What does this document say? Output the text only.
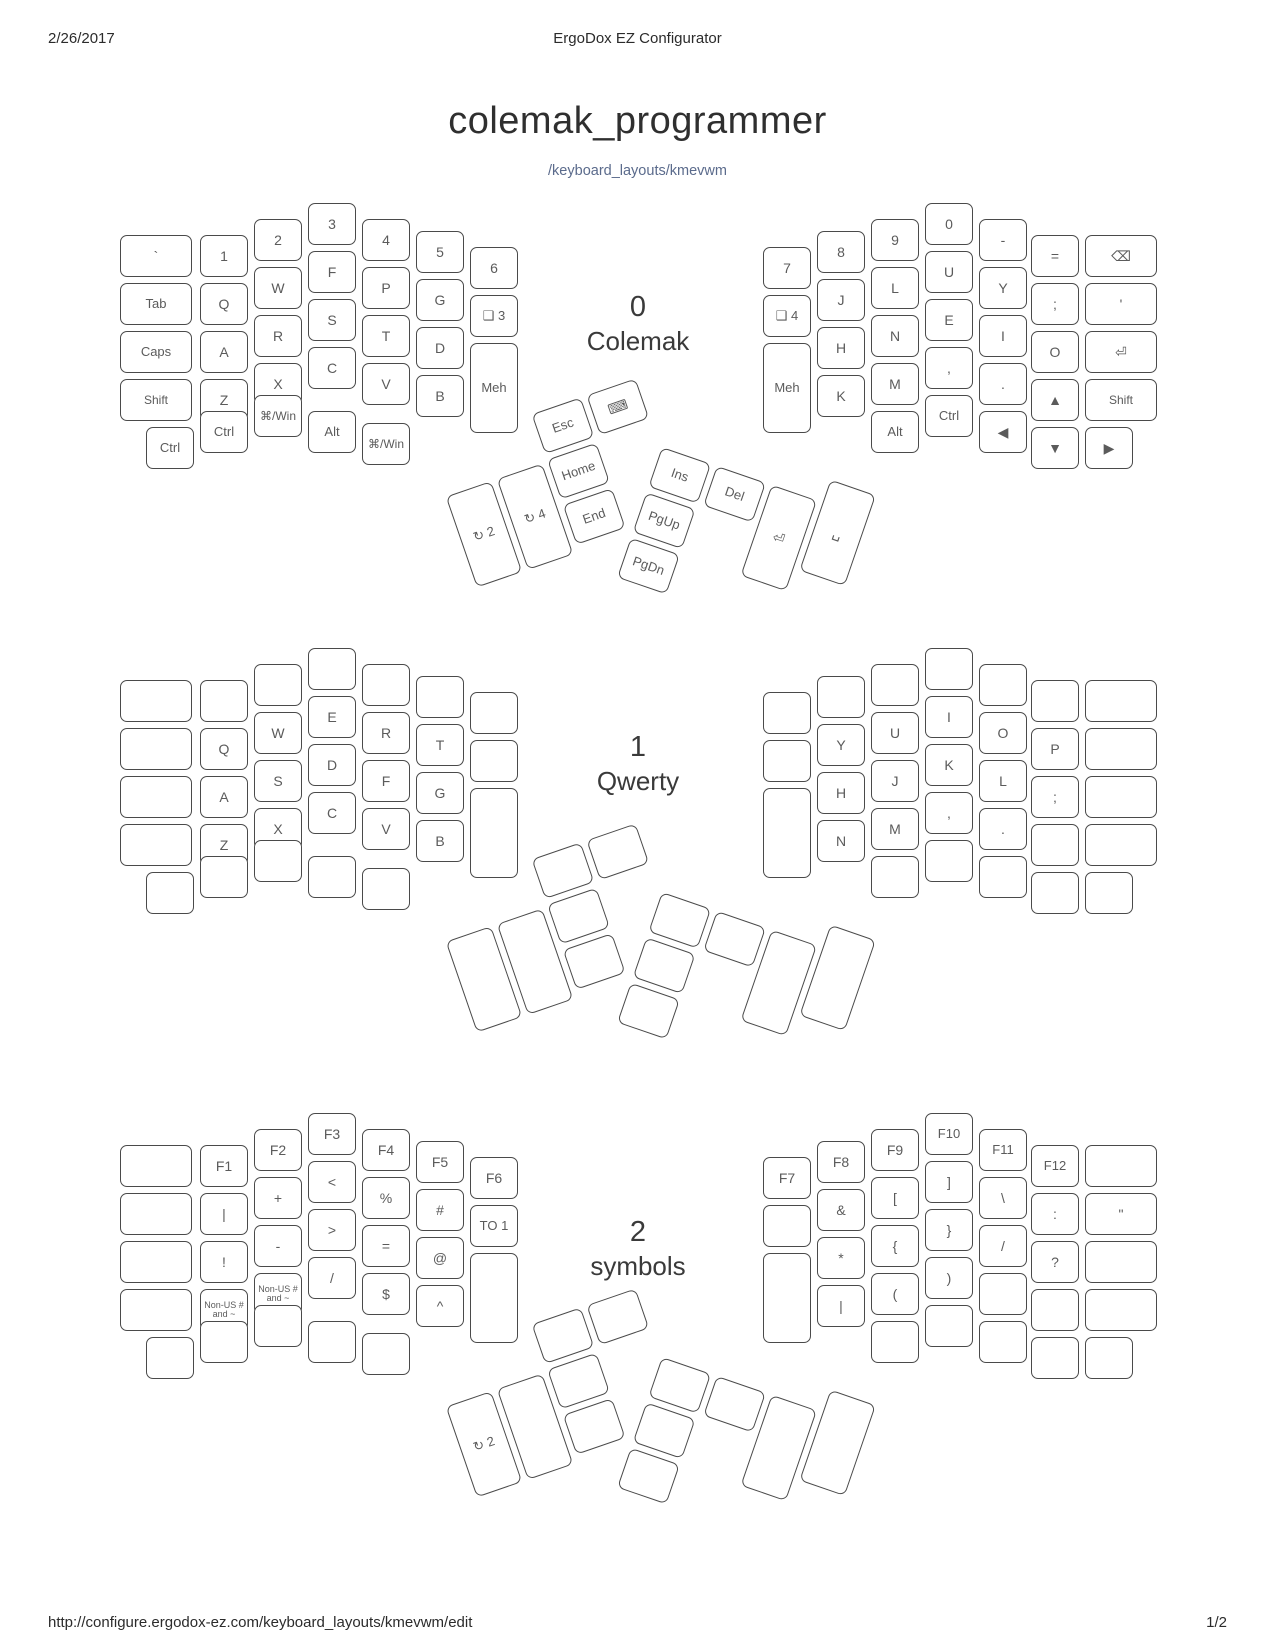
2/26/2017	ErgoDox EZ Configurator
colemak_programmer
/keyboard_layouts/kmevwm
0
Colemak
`	1
2
3
4
5
6
Tab	Q
W
F
P
G
❑ 3
Caps	A
R
S
T
D
Meh
Shift	Z
X
C
V
B
Ctrl
Ctrl
⌘/Win
Alt
⌘/Win
7
8
9
0
-
=	⌫
❑ 4
J
L
U
Y
;	'
Meh
H
N
E
I
O	⏎
K
M
,
.
▲	Shift
Alt
Ctrl
◀
▼	▶
↻ 2
↻ 4
Esc
⌨
Home
End
Ins
Del
PgUp
PgDn
⏎	␣
1
Qwerty
Q
W
E
R
T
A
S
D
F
G
Z
X
C
V
B
Y
U
I
O
P
H
J
K
L
;
N
M
,
.
2
symbols
F1
F2
F3
F4
F5
F6
|
+
<
%
#
TO 1
!
-
>
=
@
Non-US # and ~
Non-US # and ~
/
$
^
F7
F8
F9
F10
F11
F12
&
[
]
\
:	"
*
{
}
/
?
|
(
)
↻ 2
http://configure.ergodox-ez.com/keyboard_layouts/kmevwm/edit	1/2
